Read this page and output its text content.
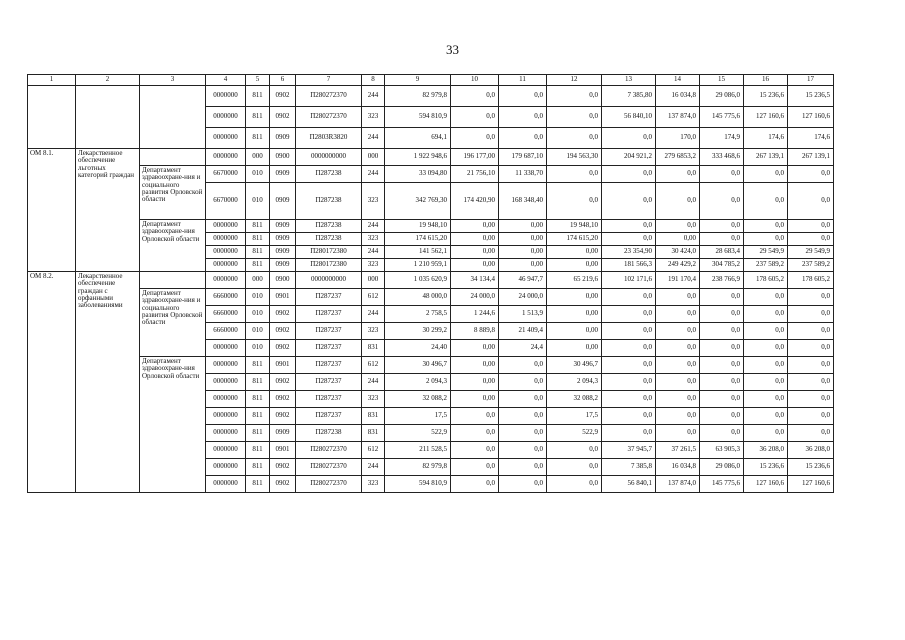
33
1	2	3	4	5	6	7	8	9	10	11	12	13	14	15	16	17
			0000000	811	0902	П280272370	244	82 979,8	0,0	0,0	0,0	7 385,80	16 034,8	29 086,0	15 236,6	15 236,5
			0000000	811	0902	П280272370	323	594 810,9	0,0	0,0	0,0	56 840,10	137 874,0	145 775,6	127 160,6	127 160,6
			0000000	811	0909	П2803R3820	244	694,1	0,0	0,0	0,0	0,0	170,0	174,9	174,6	174,6
ОМ 8.1.	Лекарственное обеспечение льготных категорий граждан		0000000	000	0900	0000000000	000	1 922 948,6	196 177,00	179 687,10	194 563,30	204 921,2	279 6853,2	333 468,6	267 139,1	267 139,1
		Департамент здравоохране-ния и социального развития Орловской области	6670000	010	0909	П287238	244	33 094,80	21 756,10	11 338,70	0,0	0,0	0,0	0,0	0,0	0,0
			6670000	010	0909	П287238	323	342 769,30	174 420,90	168 348,40	0,0	0,0	0,0	0,0	0,0	0,0
		Департамент здравоохране-ния Орловской области	0000000	811	0909	П287238	244	19 948,10	0,00	0,00	19 948,10	0,0	0,0	0,0	0,0	0,0
			0000000	811	0909	П287238	323	174 615,20	0,00	0,00	174 615,20	0,0	0,00	0,0	0,0	0,0
			0000000	811	0909	П280172380	244	141 562,1	0,00	0,00	0,00	23 354,90	30 424,0	28 683,4	29 549,9	29 549,9
			0000000	811	0909	П280172380	323	1 210 959,1	0,00	0,00	0,00	181 566,3	249 429,2	304 785,2	237 589,2	237 589,2
ОМ 8.2.	Лекарственное обеспечение граждан с орфанными заболеваниями		0000000	000	0900	0000000000	000	1 035 620,9	34 134,4	46 947,7	65 219,6	102 171,6	191 170,4	238 766,9	178 605,2	178 605,2
		Департамент здравоохране-ния и социального развития Орловской области	6660000	010	0901	П287237	612	48 000,0	24 000,0	24 000,0	0,00	0,0	0,0	0,0	0,0	0,0
			6660000	010	0902	П287237	244	2 758,5	1 244,6	1 513,9	0,00	0,0	0,0	0,0	0,0	0,0
			6660000	010	0902	П287237	323	30 299,2	8 889,8	21 409,4	0,00	0,0	0,0	0,0	0,0	0,0
			0000000	010	0902	П287237	831	24,40	0,00	24,4	0,00	0,0	0,0	0,0	0,0	0,0
		Департамент здравоохране-ния Орловской области	0000000	811	0901	П287237	612	30 496,7	0,00	0,0	30 496,7	0,0	0,0	0,0	0,0	0,0
			0000000	811	0902	П287237	244	2 094,3	0,00	0,0	2 094,3	0,0	0,0	0,0	0,0	0,0
			0000000	811	0902	П287237	323	32 088,2	0,00	0,0	32 088,2	0,0	0,0	0,0	0,0	0,0
			0000000	811	0902	П287237	831	17,5	0,0	0,0	17,5	0,0	0,0	0,0	0,0	0,0
			0000000	811	0909	П287238	831	522,9	0,0	0,0	522,9	0,0	0,0	0,0	0,0	0,0
			0000000	811	0901	П280272370	612	211 528,5	0,0	0,0	0,0	37 945,7	37 261,5	63 905,3	36 208,0	36 208,0
			0000000	811	0902	П280272370	244	82 979,8	0,0	0,0	0,0	7 385,8	16 034,8	29 086,0	15 236,6	15 236,6
			0000000	811	0902	П280272370	323	594 810,9	0,0	0,0	0,0	56 840,1	137 874,0	145 775,6	127 160,6	127 160,6
